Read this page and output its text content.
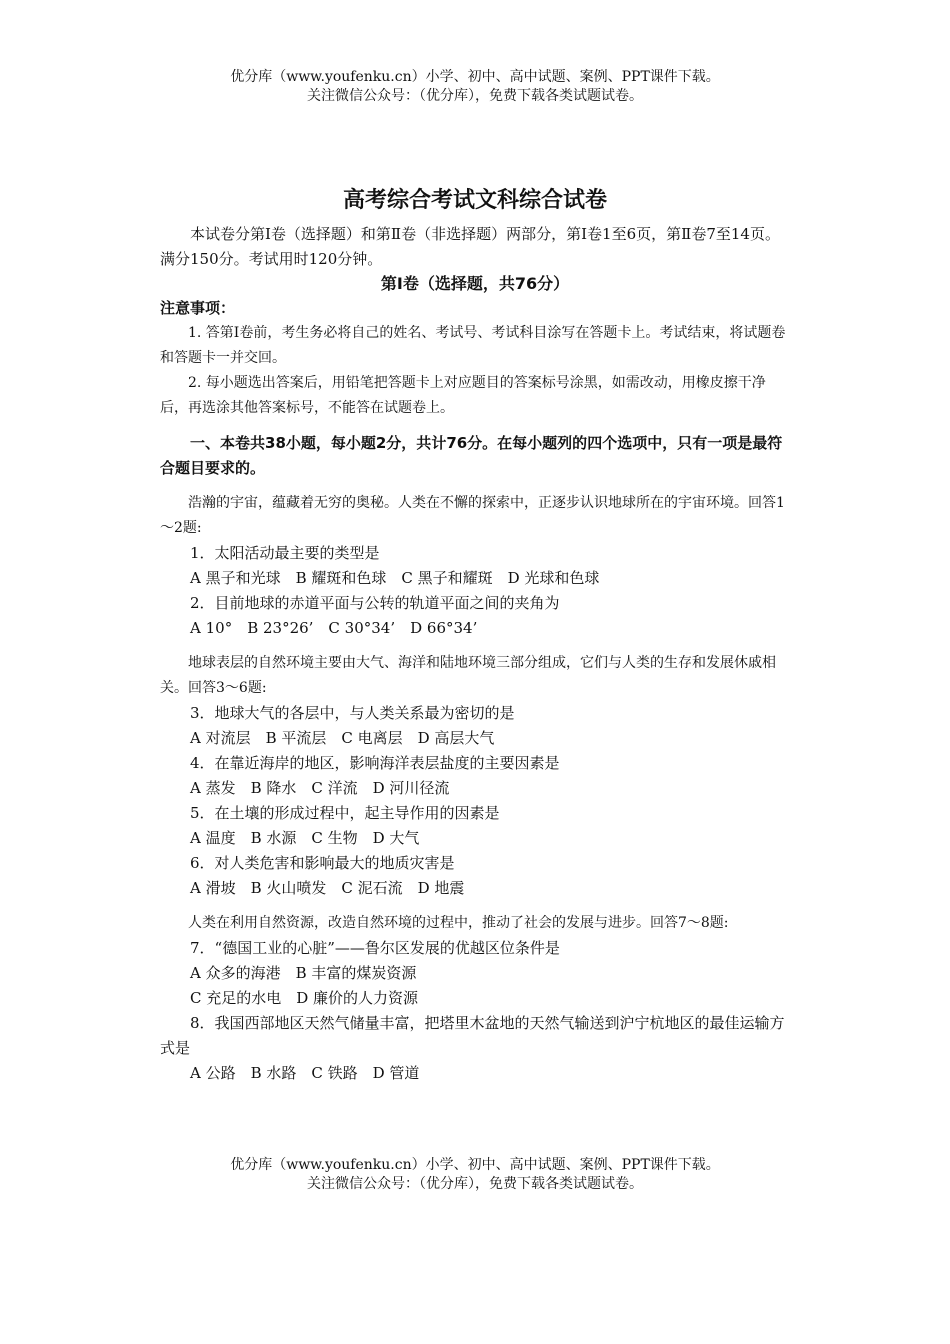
优分库（www.youfenku.cn）小学、初中、高中试题、案例、PPT课件下载。
关注微信公众号：（优分库），免费下载各类试题试卷。
高考综合考试文科综合试卷

本试卷分第Ⅰ卷（选择题）和第Ⅱ卷（非选择题）两部分，第Ⅰ卷1至6页，第Ⅱ卷7至14页。满分150分。考试用时120分钟。

第Ⅰ卷（选择题，共76分）

注意事项：

1. 答第Ⅰ卷前，考生务必将自己的姓名、考试号、考试科目涂写在答题卡上。考试结束，将试题卷和答题卡一并交回。

2. 每小题选出答案后，用铅笔把答题卡上对应题目的答案标号涂黑，如需改动，用橡皮擦干净后，再选涂其他答案标号，不能答在试题卷上。

一、本卷共38小题，每小题2分，共计76分。在每小题列的四个选项中，只有一项是最符合题目要求的。

浩瀚的宇宙，蕴藏着无穷的奥秘。人类在不懈的探索中，正逐步认识地球所在的宇宙环境。回答1～2题:

1．太阳活动最主要的类型是

A 黑子和光球　B 耀斑和色球　C 黑子和耀斑　D 光球和色球

2．目前地球的赤道平面与公转的轨道平面之间的夹角为

A 10°　B 23°26’　C 30°34’　D 66°34’

地球表层的自然环境主要由大气、海洋和陆地环境三部分组成，它们与人类的生存和发展休戚相关。回答3～6题:

3．地球大气的各层中，与人类关系最为密切的是

A 对流层　B 平流层　C 电离层　D 高层大气

4．在靠近海岸的地区，影响海洋表层盐度的主要因素是

A 蒸发　B 降水　C 洋流　D 河川径流

5．在土壤的形成过程中，起主导作用的因素是

A 温度　B 水源　C 生物　D 大气

6．对人类危害和影响最大的地质灾害是

A 滑坡　B 火山喷发　C 泥石流　D 地震

人类在利用自然资源，改造自然环境的过程中，推动了社会的发展与进步。回答7～8题:

7．“德国工业的心脏”——鲁尔区发展的优越区位条件是

A 众多的海港　B 丰富的煤炭资源

C 充足的水电　D 廉价的人力资源

8．我国西部地区天然气储量丰富，把塔里木盆地的天然气输送到沪宁杭地区的最佳运输方式是

A 公路　B 水路　C 铁路　D 管道

优分库（www.youfenku.cn）小学、初中、高中试题、案例、PPT课件下载。
关注微信公众号：（优分库），免费下载各类试题试卷。
